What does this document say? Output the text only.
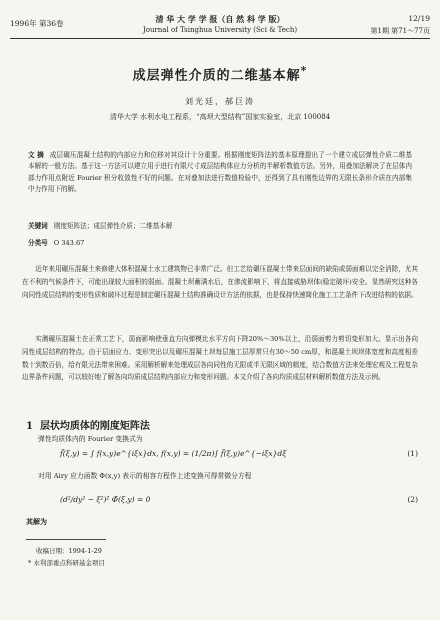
1996年 第36卷	清 华 大 学 学 报（自 然 科 学 版）	12/19
Journal of Tsinghua University (Sci & Tech)	第1期 第71～77页
成层弹性介质的二维基本解*
刘光廷，郝巨涛
清华大学 水利水电工程系，“高坝大型结构”国家实验室，北京 100084
文 摘 成层碾压混凝土结构的内部应力和位移对其设计十分重要。根据刚度矩阵法的基本原理提出了一个建立成层弹性介质二维基本解的一般方法。基于这一方法可以建立用于进行有限尺寸成层结构体应力分析的半解析数值方法。另外，用叠加法解决了在层体内部力作用点附近 Fourier 积分收敛性不好的问题。在对叠加法进行数值检验中，还得到了具有刚性边界的无限长条形介质在内部集中力作用下的解。
关键词 刚度矩阵法；成层弹性介质；二维基本解
分类号 O 343.67
近年来用碾压混凝土来修建大体积混凝土水工建筑物已非常广泛。但工艺给碾压混凝土带来层面间的缺陷或弱面难以完全消除，尤其在不利的气候条件下，可能出现较大面积的弱面。混凝土坝蓄满水后，在渗流影响下，将直接威胁坝体(稳定破坏)安全。显然研究这种各向同性成层结构的变形性质和破坏过程是制定碾压混凝土结构准确设计方法的依据，也是保持快速简化施工工艺条件下改进结构的依据。
实测碾压混凝土在正常工艺下，弱面影响使垂直方向弹模比水平方向下降20%～30%以上，沿弱面剪力剪切变形加大。显示出各向同性成层结构的特点。由于层面应力、变形突出以及碾压混凝土坝每层施工层厚常只有30～50 cm厚，和混凝土坝坝体宽度和高度相差数十到数百倍，给有限元法带来困难。采用解析解来处理成层各向同性的无限或半无限区域的精度，结合数值方法来处理宏观及工程复杂边界条件问题，可以较好地了解各向均质成层结构内部应力和变形问题。本文介绍了各向均质成层材料解析数值方法及示例。
1 层状均质体的刚度矩阵法
弹性均质体内的 Fourier 变换式为
f̃(ξ,y) = ∫ f(x,y)e^{iξx}dx, f(x,y) = (1/2π)∫ f̃(ξ,y)e^{−iξx}dξ	(1)
对用 Airy 应力函数 Φ(x,y) 表示的相容方程作上述变换可得常微分方程
(d²/dy² − ξ²)² Φ̃(ξ,y) = 0	(2)
其解为
收稿日期：1994-1-29
* 水利部重点科研基金项目
